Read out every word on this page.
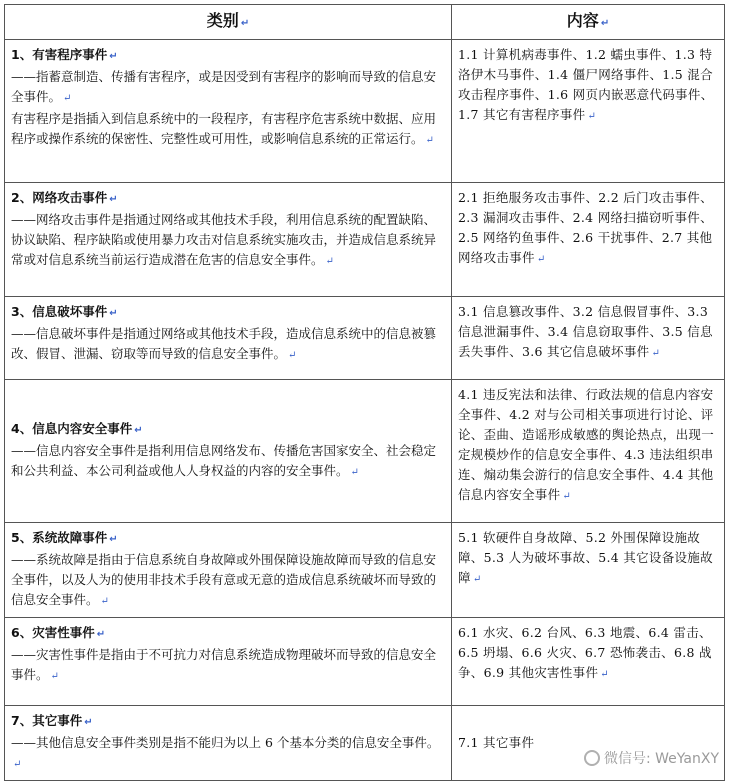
类别 ↵	内容 ↵

1、有害程序事件 ↵
——指蓄意制造、传播有害程序，或是因受到有害程序的影响而导致的信息安全事件。 ↵
有害程序是指插入到信息系统中的一段程序，有害程序危害系统中数据、应用程序或操作系统的保密性、完整性或可用性，或影响信息系统的正常运行。 ↵	1.1 计算机病毒事件、1.2 蠕虫事件、1.3 特洛伊木马事件、1.4 僵尸网络事件、1.5 混合攻击程序事件、1.6 网页内嵌恶意代码事件、1.7 其它有害程序事件 ↵

2、网络攻击事件 ↵
——网络攻击事件是指通过网络或其他技术手段，利用信息系统的配置缺陷、协议缺陷、程序缺陷或使用暴力攻击对信息系统实施攻击，并造成信息系统异常或对信息系统当前运行造成潜在危害的信息安全事件。 ↵	2.1 拒绝服务攻击事件、2.2 后门攻击事件、2.3 漏洞攻击事件、2.4 网络扫描窃听事件、2.5 网络钓鱼事件、2.6 干扰事件、2.7 其他网络攻击事件 ↵

3、信息破坏事件 ↵
——信息破坏事件是指通过网络或其他技术手段，造成信息系统中的信息被篡改、假冒、泄漏、窃取等而导致的信息安全事件。 ↵	3.1 信息篡改事件、3.2 信息假冒事件、3.3 信息泄漏事件、3.4 信息窃取事件、3.5 信息丢失事件、3.6 其它信息破坏事件 ↵

4、信息内容安全事件 ↵
——信息内容安全事件是指利用信息网络发布、传播危害国家安全、社会稳定和公共利益、本公司利益或他人人身权益的内容的安全事件。 ↵	4.1 违反宪法和法律、行政法规的信息内容安全事件、4.2 对与公司相关事项进行讨论、评论、歪曲、造谣形成敏感的舆论热点，出现一定规模炒作的信息安全事件、4.3 违法组织串连、煽动集会游行的信息安全事件、4.4 其他信息内容安全事件 ↵

5、系统故障事件 ↵
——系统故障是指由于信息系统自身故障或外围保障设施故障而导致的信息安全事件，以及人为的使用非技术手段有意或无意的造成信息系统破坏而导致的信息安全事件。 ↵	5.1 软硬件自身故障、5.2 外围保障设施故障、5.3 人为破坏事故、5.4 其它设备设施故障 ↵

6、灾害性事件 ↵
——灾害性事件是指由于不可抗力对信息系统造成物理破坏而导致的信息安全事件。 ↵	6.1 水灾、6.2 台风、6.3 地震、6.4 雷击、6.5 坍塌、6.6 火灾、6.7 恐怖袭击、6.8 战争、6.9 其他灾害性事件 ↵

7、其它事件 ↵
——其他信息安全事件类别是指不能归为以上 6 个基本分类的信息安全事件。↵	7.1 其它事件
微信号: WeYanXY
